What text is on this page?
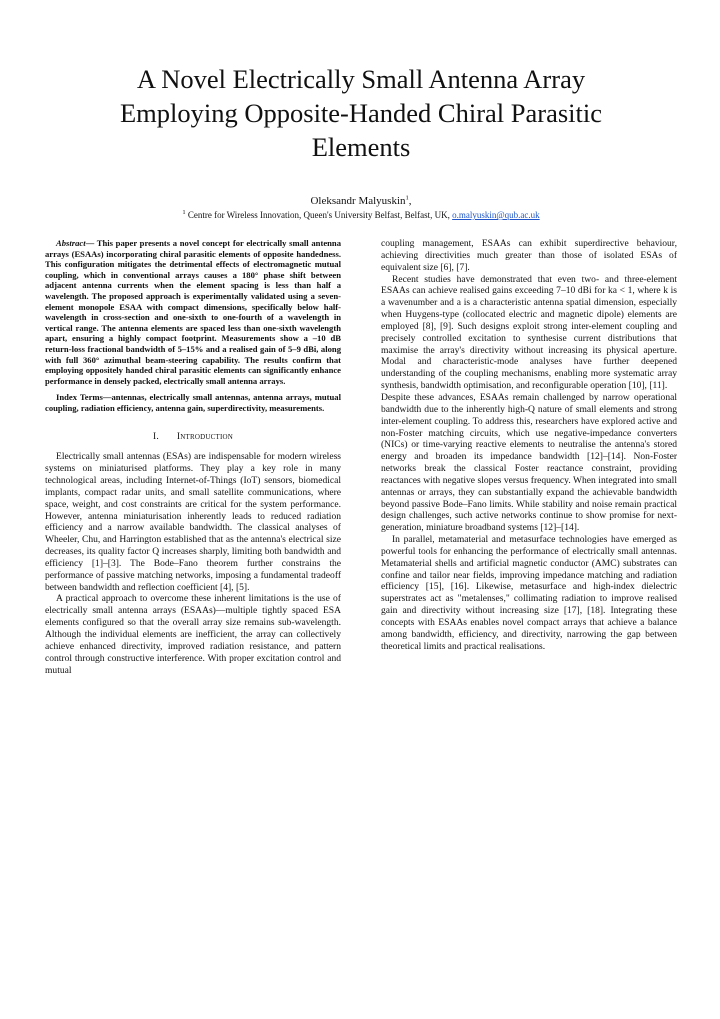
A Novel Electrically Small Antenna Array Employing Opposite-Handed Chiral Parasitic Elements
Oleksandr Malyuskin$^1$,
$^1$ Centre for Wireless Innovation, Queen's University Belfast, Belfast, UK, o.malyuskin@qub.ac.uk

Abstract— This paper presents a novel concept for electrically small antenna arrays (ESAAs) incorporating chiral parasitic elements of opposite handedness. This configuration mitigates the detrimental effects of electromagnetic mutual coupling, which in conventional arrays causes a 180° phase shift between adjacent antenna currents when the element spacing is less than half a wavelength. The proposed approach is experimentally validated using a seven-element monopole ESAA with compact dimensions, specifically below half-wavelength in cross-section and one-sixth to one-fourth of a wavelength in vertical range. The antenna elements are spaced less than one-sixth wavelength apart, ensuring a highly compact footprint. Measurements show a –10 dB return-loss fractional bandwidth of 5–15% and a realised gain of 5–9 dBi, along with full 360° azimuthal beam-steering capability. The results confirm that employing oppositely handed chiral parasitic elements can significantly enhance performance in densely packed, electrically small antenna arrays.

Index Terms—antennas, electrically small antennas, antenna arrays, mutual coupling, radiation efficiency, antenna gain, superdirectivity, measurements.

I. Introduction

Electrically small antennas (ESAs) are indispensable for modern wireless systems on miniaturised platforms. They play a key role in many technological areas, including Internet-of-Things (IoT) sensors, biomedical implants, compact radar units, and small satellite communications, where space, weight, and cost constraints are critical for the system performance. However, antenna miniaturisation inherently leads to reduced radiation efficiency and a narrow available bandwidth. The classical analyses of Wheeler, Chu, and Harrington established that as the antenna's electrical size decreases, its quality factor Q increases sharply, limiting both bandwidth and efficiency [1]–[3]. The Bode–Fano theorem further constrains the performance of passive matching networks, imposing a fundamental tradeoff between bandwidth and reflection coefficient [4], [5].

A practical approach to overcome these inherent limitations is the use of electrically small antenna arrays (ESAAs)—multiple tightly spaced ESA elements configured so that the overall array size remains sub-wavelength. Although the individual elements are inefficient, the array can collectively achieve enhanced directivity, improved radiation resistance, and pattern control through constructive interference. With proper excitation control and mutual

coupling management, ESAAs can exhibit superdirective behaviour, achieving directivities much greater than those of isolated ESAs of equivalent size [6], [7].

Recent studies have demonstrated that even two- and three-element ESAAs can achieve realised gains exceeding 7–10 dBi for ka < 1, where k is a wavenumber and a is a characteristic antenna spatial dimension, especially when Huygens-type (collocated electric and magnetic dipole) elements are employed [8], [9]. Such designs exploit strong inter-element coupling and precisely controlled excitation to synthesise current distributions that maximise the array's directivity without increasing its physical aperture. Modal and characteristic-mode analyses have further deepened understanding of the coupling mechanisms, enabling more systematic array synthesis, bandwidth optimisation, and reconfigurable operation [10], [11].

Despite these advances, ESAAs remain challenged by narrow operational bandwidth due to the inherently high-Q nature of small elements and strong inter-element coupling. To address this, researchers have explored active and non-Foster matching circuits, which use negative-impedance converters (NICs) or time-varying reactive elements to neutralise the antenna's stored energy and broaden its impedance bandwidth [12]–[14]. Non-Foster networks break the classical Foster reactance constraint, providing reactances with negative slopes versus frequency. When integrated into small antennas or arrays, they can substantially expand the achievable bandwidth beyond passive Bode–Fano limits. While stability and noise remain practical design challenges, such active networks continue to show promise for next-generation, miniature broadband systems [12]–[14].

In parallel, metamaterial and metasurface technologies have emerged as powerful tools for enhancing the performance of electrically small antennas. Metamaterial shells and artificial magnetic conductor (AMC) substrates can confine and tailor near fields, improving impedance matching and radiation efficiency [15], [16]. Likewise, metasurface and high-index dielectric superstrates act as "metalenses," collimating radiation to improve realised gain and directivity without increasing size [17], [18]. Integrating these concepts with ESAAs enables novel compact arrays that achieve a balance among bandwidth, efficiency, and directivity, narrowing the gap between theoretical limits and practical realisations.
